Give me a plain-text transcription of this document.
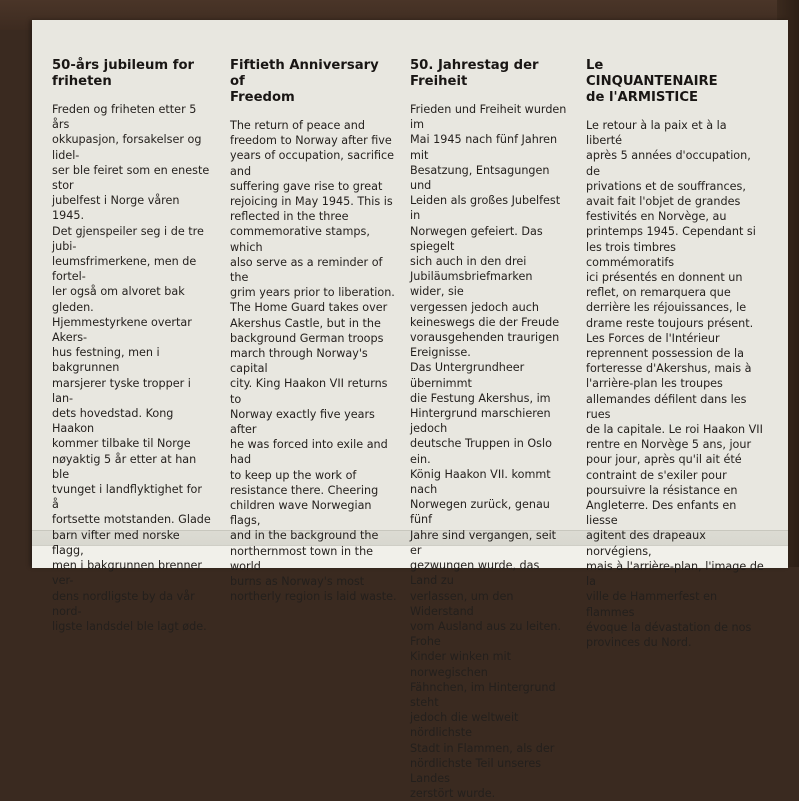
50-års jubileum for
friheten

Freden og friheten etter 5 års
okkupasjon, forsakelser og lidel-
ser ble feiret som en eneste stor
jubelfest i Norge våren 1945.
Det gjenspeiler seg i de tre jubi-
leumsfrimerkene, men de fortel-
ler også om alvoret bak gleden.
Hjemmestyrkene overtar Akers-
hus festning, men i bakgrunnen
marsjerer tyske tropper i lan-
dets hovedstad. Kong Haakon
kommer tilbake til Norge
nøyaktig 5 år etter at han ble
tvunget i landflyktighet for å
fortsette motstanden. Glade
barn vifter med norske flagg,
men i bakgrunnen brenner ver-
dens nordligste by da vår nord-
ligste landsdel ble lagt øde.

Fiftieth Anniversary of
Freedom

The return of peace and
freedom to Norway after five
years of occupation, sacrifice and
suffering gave rise to great
rejoicing in May 1945. This is
reflected in the three
commemorative stamps, which
also serve as a reminder of the
grim years prior to liberation.
The Home Guard takes over
Akershus Castle, but in the
background German troops
march through Norway's capital
city. King Haakon VII returns to
Norway exactly five years after
he was forced into exile and had
to keep up the work of
resistance there. Cheering
children wave Norwegian flags,
and in the background the
northernmost town in the world
burns as Norway's most
northerly region is laid waste.

50. Jahrestag der
Freiheit

Frieden und Freiheit wurden im
Mai 1945 nach fünf Jahren mit
Besatzung, Entsagungen und
Leiden als großes Jubelfest in
Norwegen gefeiert. Das spiegelt
sich auch in den drei
Jubiläumsbriefmarken wider, sie
vergessen jedoch auch
keineswegs die der Freude
vorausgehenden traurigen
Ereignisse.
Das Untergrundheer übernimmt
die Festung Akershus, im
Hintergrund marschieren jedoch
deutsche Truppen in Oslo ein.
König Haakon VII. kommt nach
Norwegen zurück, genau fünf
Jahre sind vergangen, seit er
gezwungen wurde, das Land zu
verlassen, um den Widerstand
vom Ausland aus zu leiten. Frohe
Kinder winken mit norwegischen
Fähnchen, im Hintergrund steht
jedoch die weltweit nördlichste
Stadt in Flammen, als der
nördlichste Teil unseres Landes
zerstört wurde.

Le
CINQUANTENAIRE
de l'ARMISTICE

Le retour à la paix et à la liberté
après 5 années d'occupation, de
privations et de souffrances,
avait fait l'objet de grandes
festivités en Norvège, au
printemps 1945. Cependant si
les trois timbres commémoratifs
ici présentés en donnent un
reflet, on remarquera que
derrière les réjouissances, le
drame reste toujours présent.
Les Forces de l'Intérieur
reprennent possession de la
forteresse d'Akershus, mais à
l'arrière-plan les troupes
allemandes défilent dans les rues
de la capitale. Le roi Haakon VII
rentre en Norvège 5 ans, jour
pour jour, après qu'il ait été
contraint de s'exiler pour
poursuivre la résistance en
Angleterre. Des enfants en liesse
agitent des drapeaux norvégiens,
mais à l'arrière-plan, l'image de la
ville de Hammerfest en flammes
évoque la dévastation de nos
provinces du Nord.
